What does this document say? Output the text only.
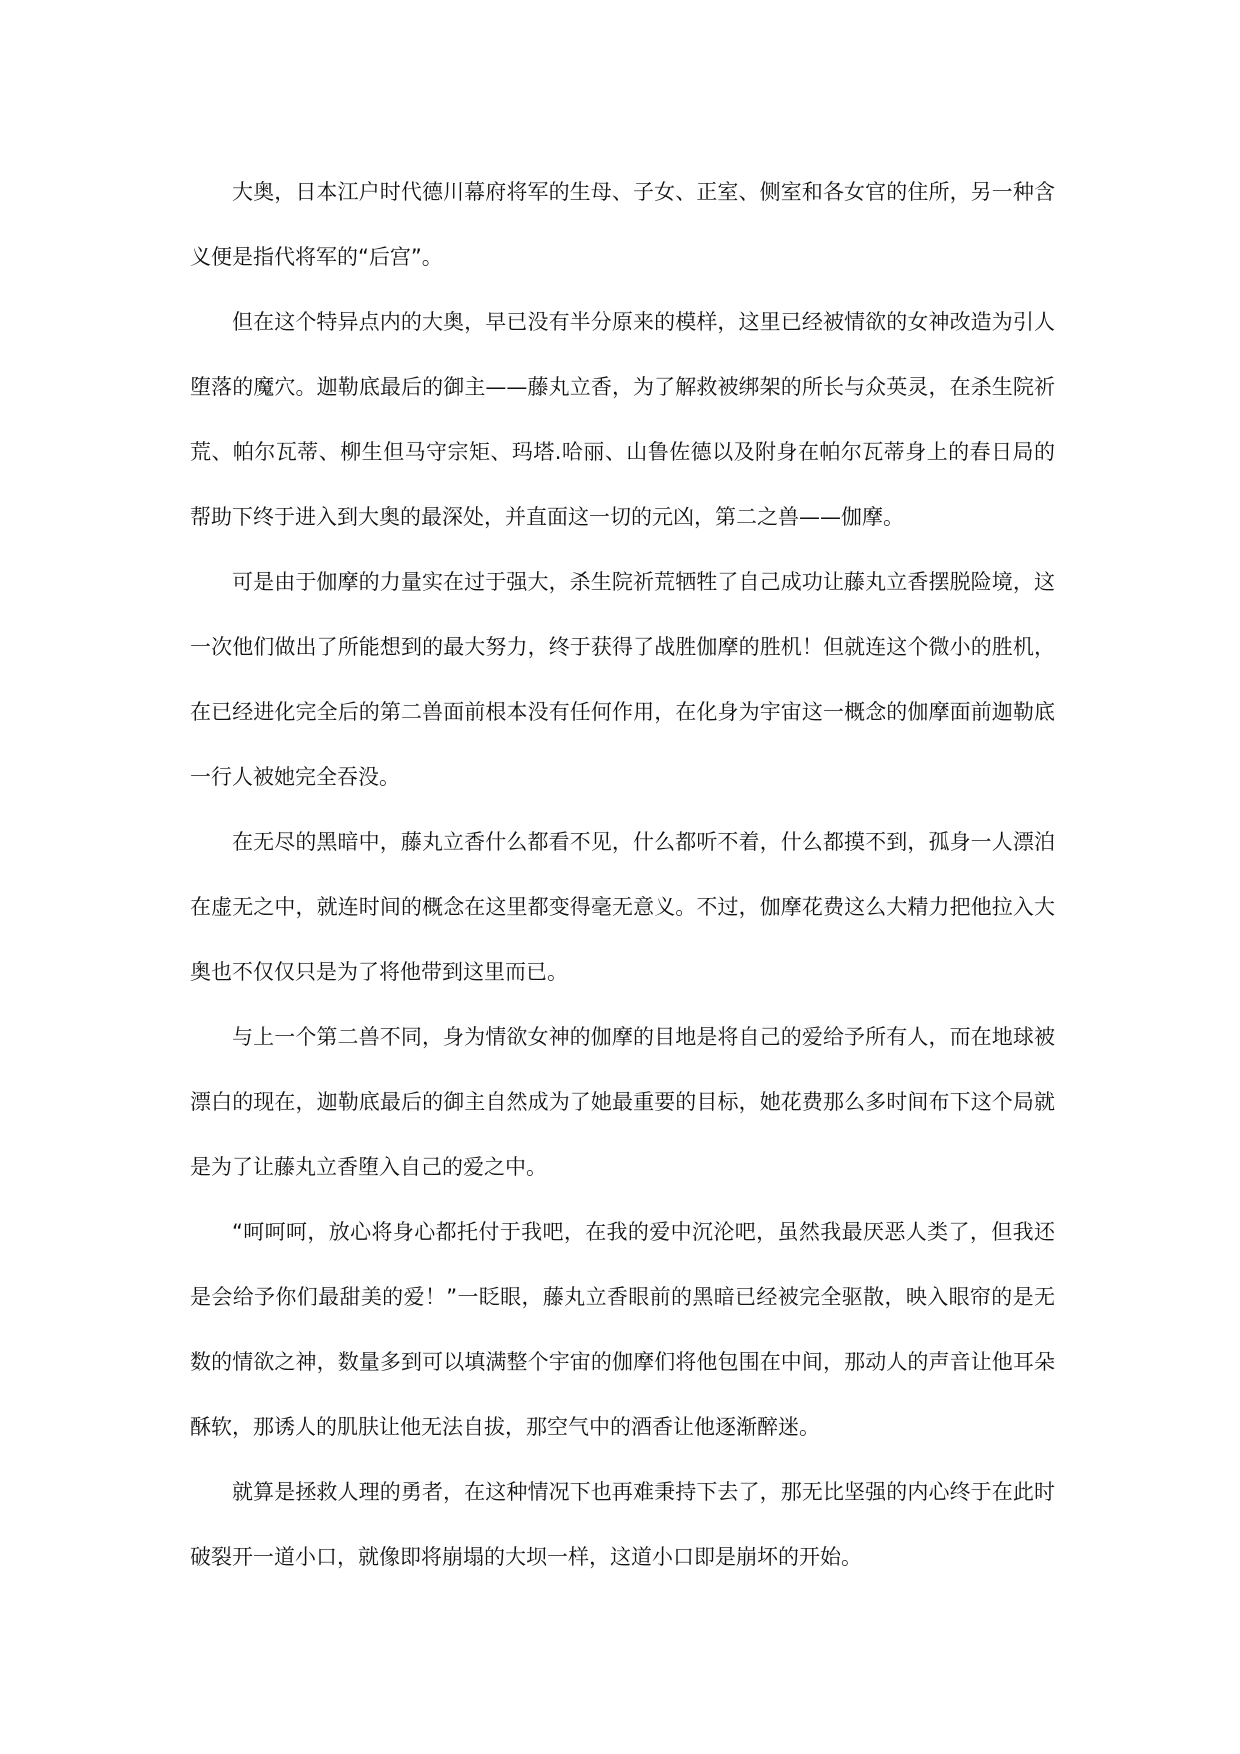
大奥，日本江户时代德川幕府将军的生母、子女、正室、侧室和各女官的住所，另一种含义便是指代将军的“后宫”。

但在这个特异点内的大奥，早已没有半分原来的模样，这里已经被情欲的女神改造为引人堕落的魔穴。迦勒底最后的御主——藤丸立香，为了解救被绑架的所长与众英灵，在杀生院祈荒、帕尔瓦蒂、柳生但马守宗矩、玛塔.哈丽、山鲁佐德以及附身在帕尔瓦蒂身上的春日局的帮助下终于进入到大奥的最深处，并直面这一切的元凶，第二之兽——伽摩。

可是由于伽摩的力量实在过于强大，杀生院祈荒牺牲了自己成功让藤丸立香摆脱险境，这一次他们做出了所能想到的最大努力，终于获得了战胜伽摩的胜机！但就连这个微小的胜机，在已经进化完全后的第二兽面前根本没有任何作用，在化身为宇宙这一概念的伽摩面前迦勒底一行人被她完全吞没。

在无尽的黑暗中，藤丸立香什么都看不见，什么都听不着，什么都摸不到，孤身一人漂泊在虚无之中，就连时间的概念在这里都变得毫无意义。不过，伽摩花费这么大精力把他拉入大奥也不仅仅只是为了将他带到这里而已。

与上一个第二兽不同，身为情欲女神的伽摩的目地是将自己的爱给予所有人，而在地球被漂白的现在，迦勒底最后的御主自然成为了她最重要的目标，她花费那么多时间布下这个局就是为了让藤丸立香堕入自己的爱之中。

“呵呵呵，放心将身心都托付于我吧，在我的爱中沉沦吧，虽然我最厌恶人类了，但我还是会给予你们最甜美的爱！”一眨眼，藤丸立香眼前的黑暗已经被完全驱散，映入眼帘的是无数的情欲之神，数量多到可以填满整个宇宙的伽摩们将他包围在中间，那动人的声音让他耳朵酥软，那诱人的肌肤让他无法自拔，那空气中的酒香让他逐渐醉迷。

就算是拯救人理的勇者，在这种情况下也再难秉持下去了，那无比坚强的内心终于在此时破裂开一道小口，就像即将崩塌的大坝一样，这道小口即是崩坏的开始。
